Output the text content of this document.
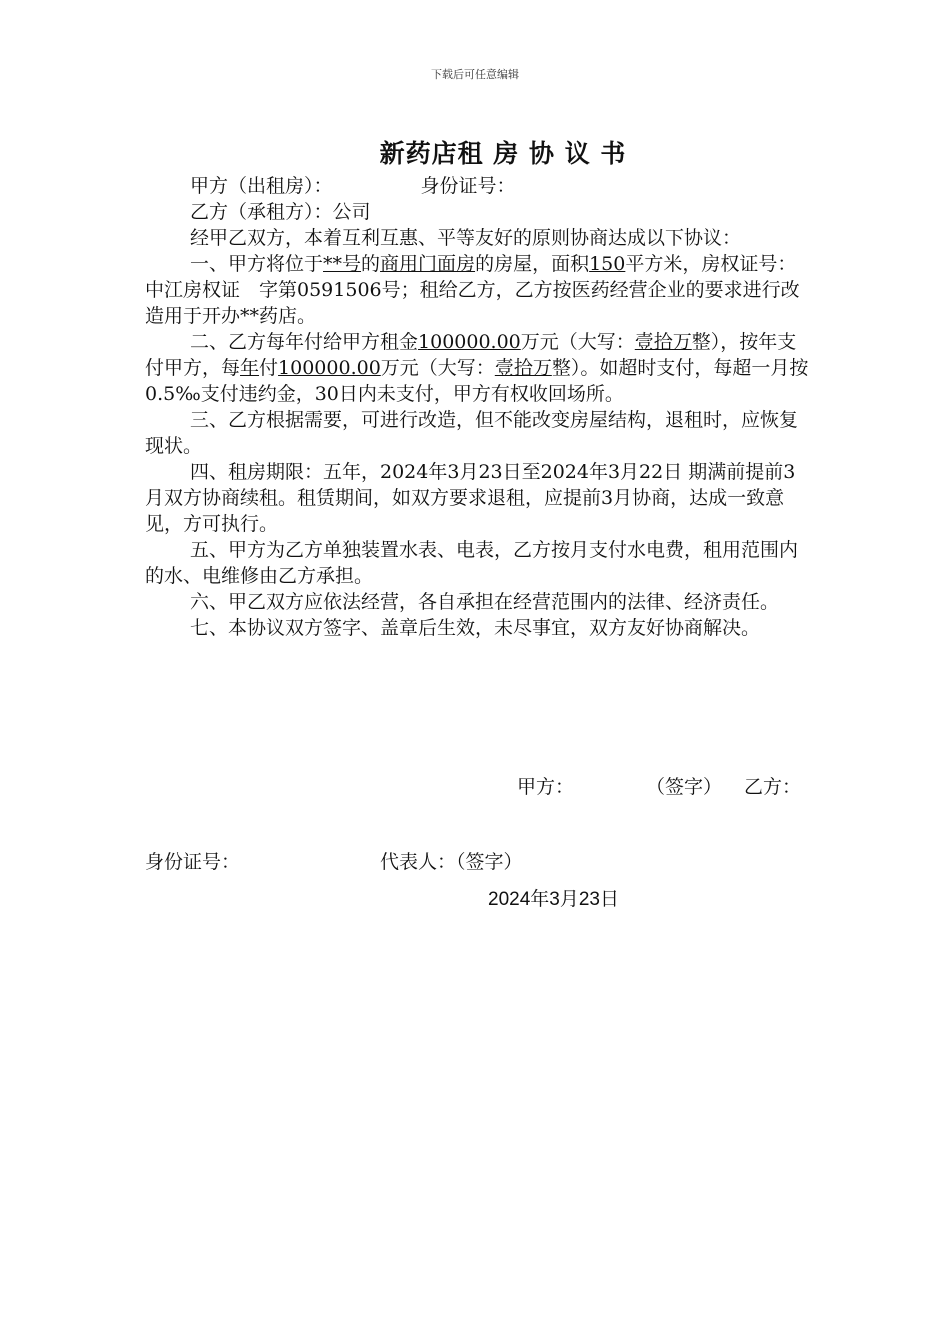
下载后可任意编辑
新药店租 房 协 议 书
甲方（出租房）：	身份证号：
乙方（承租方）：公司

经甲乙双方，本着互利互惠、平等友好的原则协商达成以下协议：

一、甲方将位于**号的商用门面房的房屋，面积150平方米，房权证号：中江房权证　字第0591506号；租给乙方，乙方按医药经营企业的要求进行改造用于开办**药店。

二、乙方每年付给甲方租金100000.00万元（大写：壹拾万整），按年支付甲方，每年付100000.00万元（大写：壹拾万整）。如超时支付，每超一月按0.5‰支付违约金，30日内未支付，甲方有权收回场所。

三、乙方根据需要，可进行改造，但不能改变房屋结构，退租时，应恢复现状。

四、租房期限：五年，2024年3月23日至2024年3月22日 期满前提前3月双方协商续租。租赁期间，如双方要求退租，应提前3月协商，达成一致意见，方可执行。

五、甲方为乙方单独装置水表、电表，乙方按月支付水电费，租用范围内的水、电维修由乙方承担。

六、甲乙双方应依法经营，各自承担在经营范围内的法律、经济责任。

七、本协议双方签字、盖章后生效，未尽事宜，双方友好协商解决。

甲方：	（签字） 乙方：
身份证号：	代表人：（签字）
2024年3月23日
